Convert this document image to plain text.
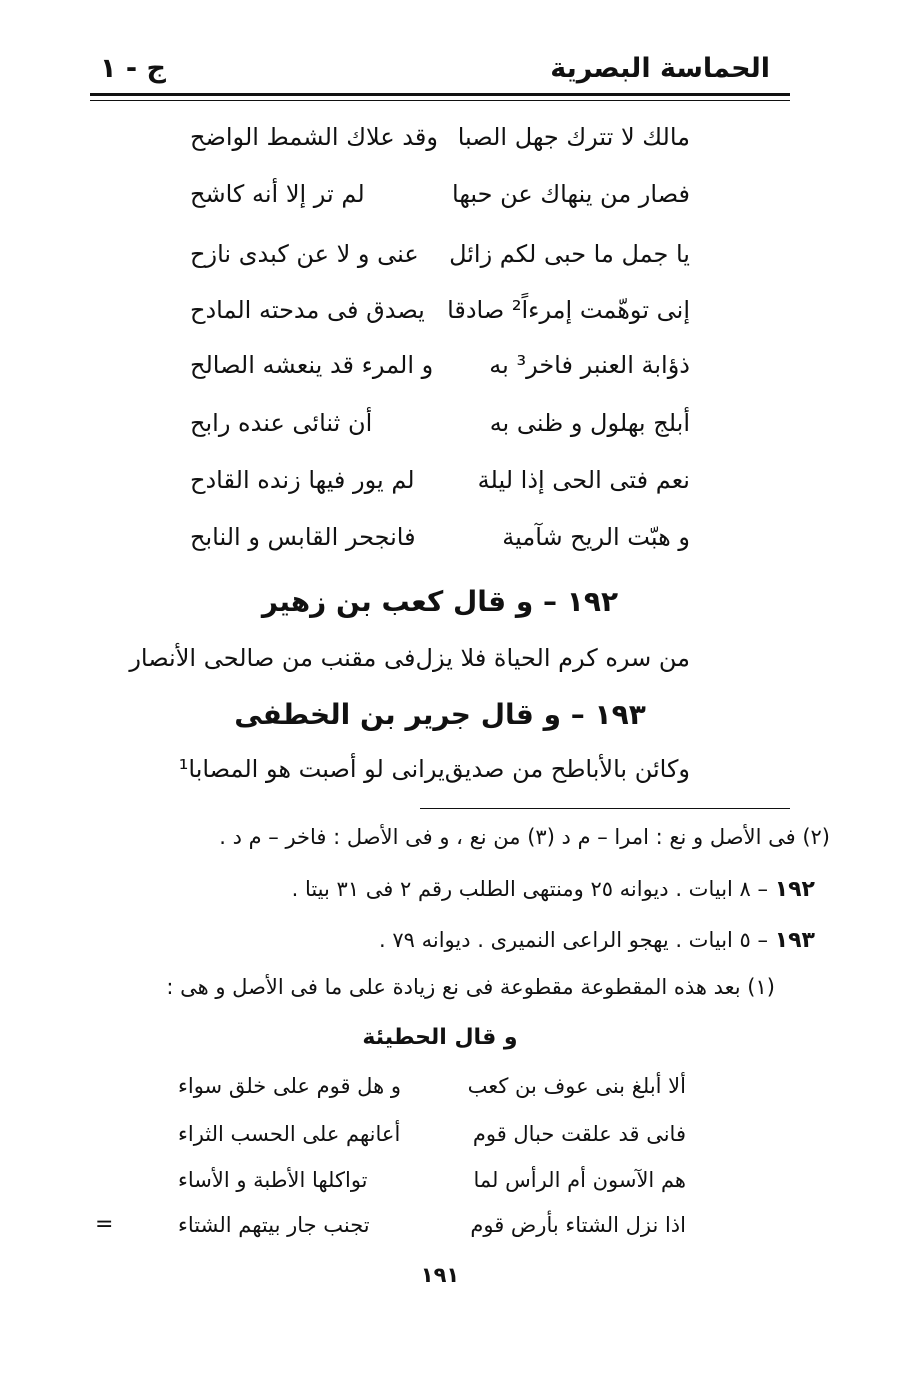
الحماسة البصرية
ج - ١
مالك لا تترك جهل الصبا
وقد علاك الشمط الواضح
فصار من ينهاك عن حبها
لم تر إلا أنه كاشح
يا جمل ما حبى لكم زائل
عنى و لا عن كبدى نازح
إنى توهّمت إمرءاً² صادقا
يصدق فى مدحته المادح
ذؤابة العنبر فاخر³ به
و المرء قد ينعشه الصالح
أبلج بهلول و ظنى به
أن ثنائى عنده رابح
نعم فتى الحى إذا ليلة
لم يور فيها زنده القادح
و هبّت الريح شآمية
فانجحر القابس و النابح
١٩٢ – و قال كعب بن زهير
من سره كرم الحياة فلا يزل
فى مقنب من صالحى الأنصار
١٩٣ – و قال جرير بن الخطفى
وكائن بالأباطح من صديق
يرانى لو أصبت هو المصابا¹
(٢) فى الأصل و نع : امرا – م د (٣) من نع ، و فى الأصل : فاخر – م د .
١٩٢ – ٨ ابيات . ديوانه ٢٥ ومنتهى الطلب رقم ٢ فى ٣١ بيتا .
١٩٣ – ٥ ابيات . يهجو الراعى النميرى . ديوانه ٧٩ .
(١) بعد هذه المقطوعة مقطوعة فى نع زيادة على ما فى الأصل و هى :
و قال الحطيئة
ألا أبلغ بنى عوف بن كعب
و هل قوم على خلق سواء
فانى قد علقت حبال قوم
أعانهم على الحسب الثراء
هم الآسون أم الرأس لما
تواكلها الأطبة و الأساء
اذا نزل الشتاء بأرض قوم
تجنب جار بيتهم الشتاء
=
١٩١
